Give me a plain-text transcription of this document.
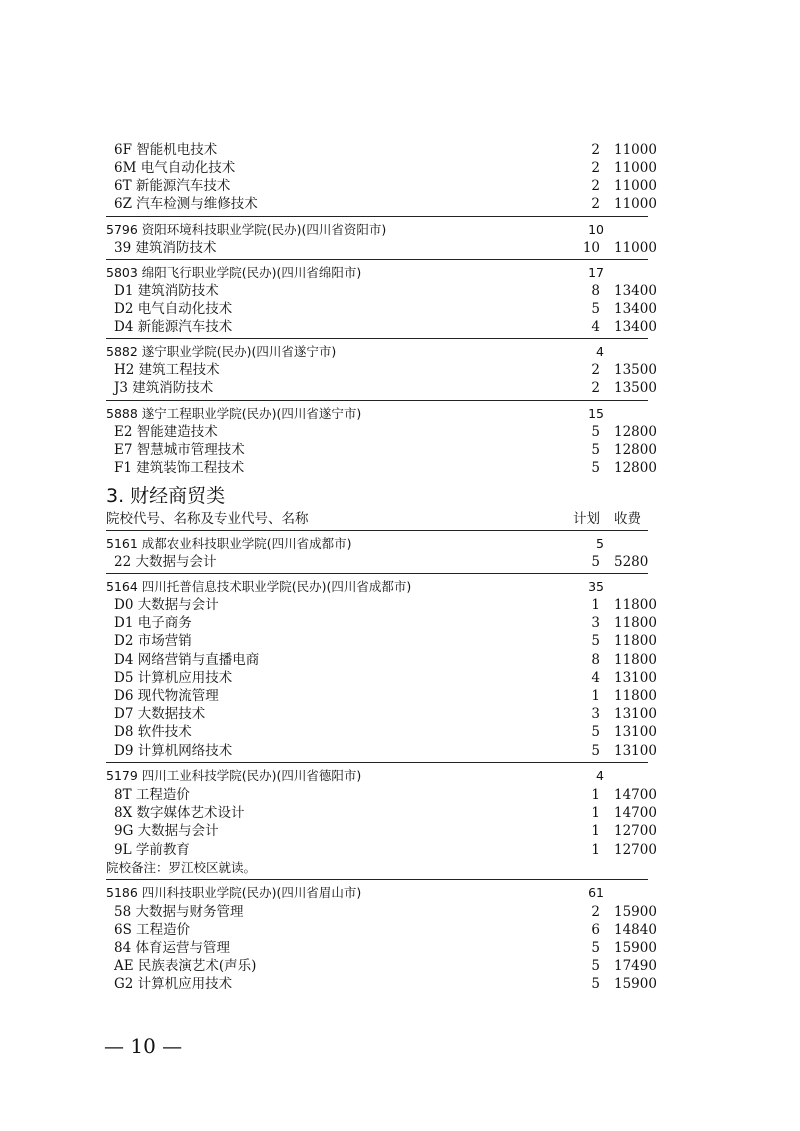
6F 智能机电技术	2 11000
6M 电气自动化技术	2 11000
6T 新能源汽车技术	2 11000
6Z 汽车检测与维修技术	2 11000
5796 资阳环境科技职业学院(民办)(四川省资阳市)	10
39 建筑消防技术	10 11000
5803 绵阳飞行职业学院(民办)(四川省绵阳市)	17
D1 建筑消防技术	8 13400
D2 电气自动化技术	5 13400
D4 新能源汽车技术	4 13400
5882 遂宁职业学院(民办)(四川省遂宁市)	4
H2 建筑工程技术	2 13500
J3 建筑消防技术	2 13500
5888 遂宁工程职业学院(民办)(四川省遂宁市)	15
E2 智能建造技术	5 12800
E7 智慧城市管理技术	5 12800
F1 建筑装饰工程技术	5 12800
3. 财经商贸类
院校代号、名称及专业代号、名称	计划 收费
5161 成都农业科技职业学院(四川省成都市)	5
22 大数据与会计	5 5280
5164 四川托普信息技术职业学院(民办)(四川省成都市)	35
D0 大数据与会计	1 11800
D1 电子商务	3 11800
D2 市场营销	5 11800
D4 网络营销与直播电商	8 11800
D5 计算机应用技术	4 13100
D6 现代物流管理	1 11800
D7 大数据技术	3 13100
D8 软件技术	5 13100
D9 计算机网络技术	5 13100
5179 四川工业科技学院(民办)(四川省德阳市)	4
8T 工程造价	1 14700
8X 数字媒体艺术设计	1 14700
9G 大数据与会计	1 12700
9L 学前教育	1 12700
院校备注：罗江校区就读。
5186 四川科技职业学院(民办)(四川省眉山市)	61
58 大数据与财务管理	2 15900
6S 工程造价	6 14840
84 体育运营与管理	5 15900
AE 民族表演艺术(声乐)	5 17490
G2 计算机应用技术	5 15900
— 10 —
